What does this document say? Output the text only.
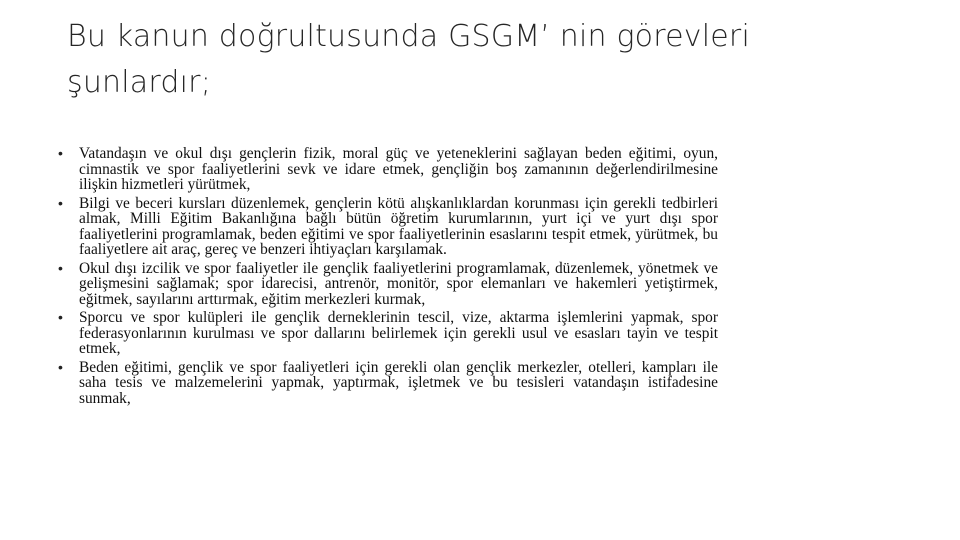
Bu kanun doğrultusunda GSGM’ nin görevleri şunlardır;
• Vatandaşın ve okul dışı gençlerin fizik, moral güç ve yeteneklerini sağlayan beden eğitimi, oyun, cimnastik ve spor faaliyetlerini sevk ve idare etmek, gençliğin boş zamanının değerlendirilmesine ilişkin hizmetleri yürütmek,
• Bilgi ve beceri kursları düzenlemek, gençlerin kötü alışkanlıklardan korunması için gerekli tedbirleri almak, Milli Eğitim Bakanlığına bağlı bütün öğretim kurumlarının, yurt içi ve yurt dışı spor faaliyetlerini programlamak, beden eğitimi ve spor faaliyetlerinin esaslarını tespit etmek, yürütmek, bu faaliyetlere ait araç, gereç ve benzeri ihtiyaçları karşılamak.
• Okul dışı izcilik ve spor faaliyetler ile gençlik faaliyetlerini programlamak, düzenlemek, yönetmek ve gelişmesini sağlamak; spor idarecisi, antrenör, monitör, spor elemanları ve hakemleri yetiştirmek, eğitmek, sayılarını arttırmak, eğitim merkezleri kurmak,
• Sporcu ve spor kulüpleri ile gençlik derneklerinin tescil, vize, aktarma işlemlerini yapmak, spor federasyonlarının kurulması ve spor dallarını belirlemek için gerekli usul ve esasları tayin ve tespit etmek,
• Beden eğitimi, gençlik ve spor faaliyetleri için gerekli olan gençlik merkezler, otelleri, kampları ile saha tesis ve malzemelerini yapmak, yaptırmak, işletmek ve bu tesisleri vatandaşın istifadesine sunmak,
